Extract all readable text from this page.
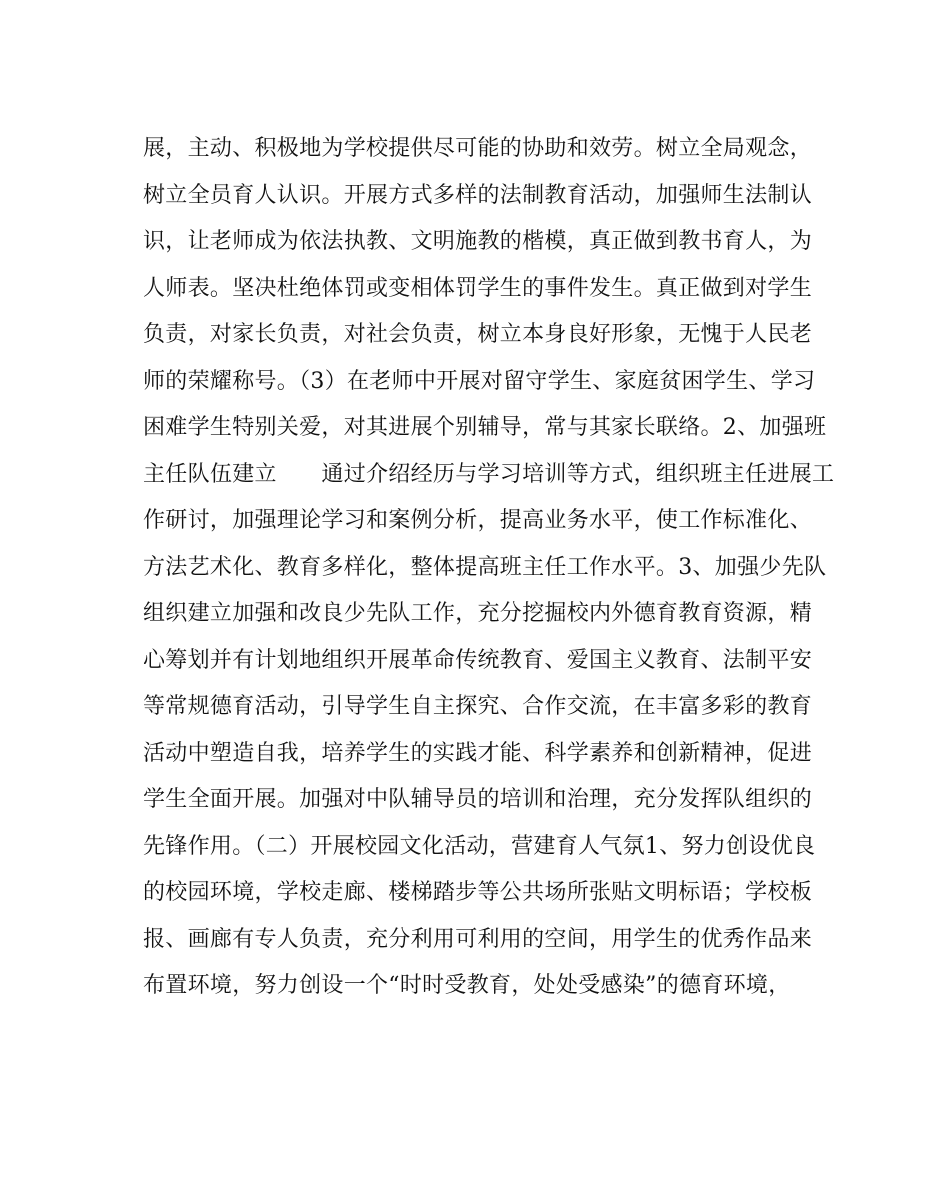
展，主动、积极地为学校提供尽可能的协助和效劳。树立全局观念，
树立全员育人认识。开展方式多样的法制教育活动，加强师生法制认
识，让老师成为依法执教、文明施教的楷模，真正做到教书育人，为
人师表。坚决杜绝体罚或变相体罚学生的事件发生。真正做到对学生
负责，对家长负责，对社会负责，树立本身良好形象，无愧于人民老
师的荣耀称号。（3）在老师中开展对留守学生、家庭贫困学生、学习
困难学生特别关爱，对其进展个别辅导，常与其家长联络。2、加强班
主任队伍建立　　通过介绍经历与学习培训等方式，组织班主任进展工
作研讨，加强理论学习和案例分析，提高业务水平，使工作标准化、
方法艺术化、教育多样化，整体提高班主任工作水平。3、加强少先队
组织建立加强和改良少先队工作，充分挖掘校内外德育教育资源，精
心筹划并有计划地组织开展革命传统教育、爱国主义教育、法制平安
等常规德育活动，引导学生自主探究、合作交流，在丰富多彩的教育
活动中塑造自我，培养学生的实践才能、科学素养和创新精神，促进
学生全面开展。加强对中队辅导员的培训和治理，充分发挥队组织的
先锋作用。（二）开展校园文化活动，营建育人气氛1、努力创设优良
的校园环境，学校走廊、楼梯踏步等公共场所张贴文明标语；学校板
报、画廊有专人负责，充分利用可利用的空间，用学生的优秀作品来
布置环境，努力创设一个“时时受教育，处处受感染”的德育环境，
